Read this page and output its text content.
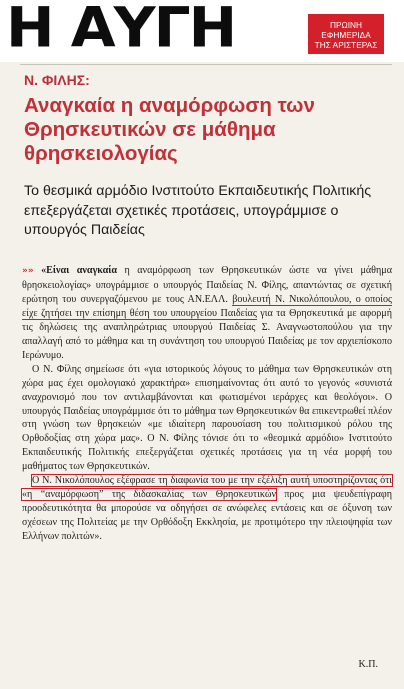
Η ΑΥΓΗ	ΠΡΩΙΝΗ
ΕΦΗΜΕΡΙΔΑ
ΤΗΣ ΑΡΙΣΤΕΡΑΣ
Ν. ΦΙΛΗΣ:
Αναγκαία η αναμόρφωση των Θρησκευτικών σε μάθημα θρησκειολογίας
Το θεσμικά αρμόδιο Ινστιτούτο Εκπαιδευτικής Πολιτικής επεξεργάζεται σχετικές προτάσεις, υπογράμμισε ο υπουργός Παιδείας

»» «Είναι αναγκαία η αναμόρφωση των Θρησκευτικών ώστε να γίνει μάθημα θρησκειολογίας» υπογράμμισε ο υπουργός Παιδείας Ν. Φίλης, απαντώντας σε σχετική ερώτηση του συνεργαζόμενου με τους ΑΝ.ΕΛΛ. βουλευτή Ν. Νικολόπουλου, ο οποίος είχε ζητήσει την επίσημη θέση του υπουργείου Παιδείας για τα Θρησκευτικά με αφορμή τις δηλώσεις της αναπληρώτριας υπουργού Παιδείας Σ. Αναγνωστοπούλου για την απαλλαγή από το μάθημα και τη συνάντηση του υπουργού Παιδείας με τον αρχιεπίσκοπο Ιερώνυμο.

Ο Ν. Φίλης σημείωσε ότι «για ιστορικούς λόγους το μάθημα των Θρησκευτικών στη χώρα μας έχει ομολογιακό χαρακτήρα» επισημαίνοντας ότι αυτό το γεγονός «συνιστά αναχρονισμό που τον αντιλαμβάνονται και φωτισμένοι ιεράρχες και θεολόγοι». Ο υπουργός Παιδείας υπογράμμισε ότι το μάθημα των Θρησκευτικών θα επικεντρωθεί πλέον στη γνώση των θρησκειών «με ιδιαίτερη παρουσίαση του πολιτισμικού ρόλου της Ορθοδοξίας στη χώρα μας». Ο Ν. Φίλης τόνισε ότι το «θεσμικά αρμόδιο» Ινστιτούτο Εκπαιδευτικής Πολιτικής επεξεργάζεται σχετικές προτάσεις για τη νέα μορφή του μαθήματος των Θρησκευτικών.

Ο Ν. Νικολόπουλος εξέφρασε τη διαφωνία του με την εξέλιξη αυτή υποστηρίζοντας ότι «η “αναμόρφωση” της διδασκαλίας των Θρησκευτικών προς μια ψευδεπίγραφη προοδευτικότητα θα μπορούσε να οδηγήσει σε ανώφελες εντάσεις και σε όξυνση των σχέσεων της Πολιτείας με την Ορθόδοξη Εκκλησία, με προτιμότερο την πλειοψηφία των Ελλήνων πολιτών».

Κ.Π.
